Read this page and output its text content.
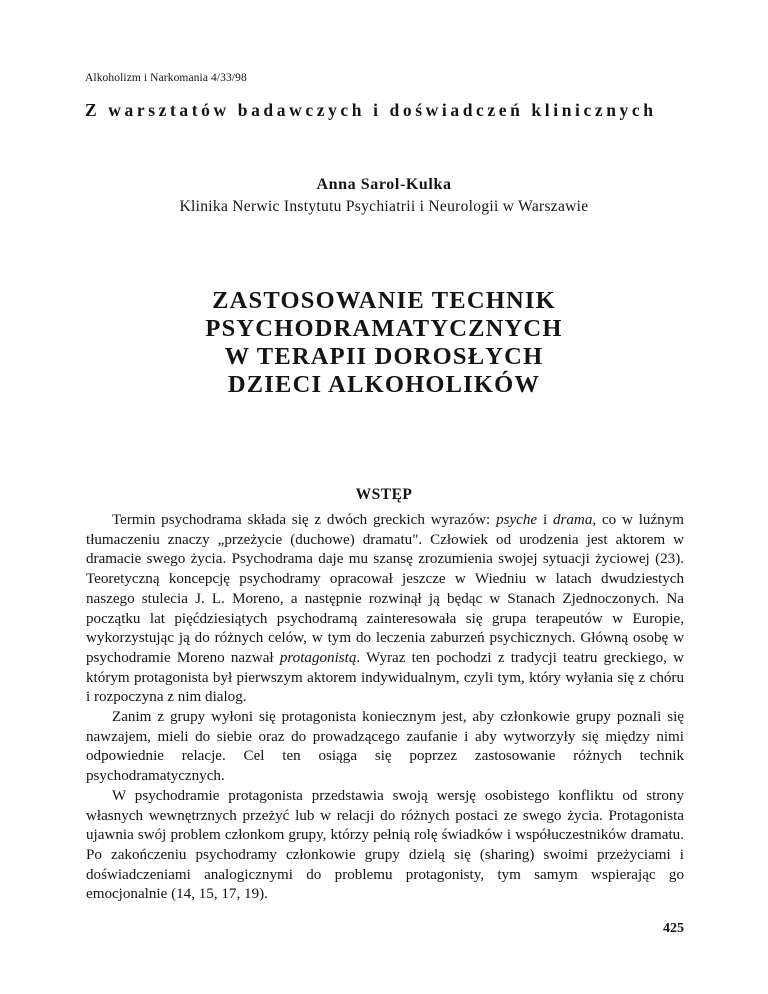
Alkoholizm i Narkomania 4/33/98
Z warsztatów badawczych i doświadczeń klinicznych
Anna Sarol-Kulka
Klinika Nerwic Instytutu Psychiatrii i Neurologii w Warszawie
ZASTOSOWANIE TECHNIK
PSYCHODRAMATYCZNYCH
W TERAPII DOROSŁYCH
DZIECI ALKOHOLIKÓW
WSTĘP

Termin psychodrama składa się z dwóch greckich wyrazów: psyche i drama, co w luźnym tłumaczeniu znaczy „przeżycie (duchowe) dramatu". Człowiek od urodzenia jest aktorem w dramacie swego życia. Psychodrama daje mu szansę zrozumienia swojej sytuacji życiowej (23). Teoretyczną koncepcję psychodramy opracował jeszcze w Wiedniu w latach dwudziestych naszego stulecia J. L. Moreno, a następnie rozwinął ją będąc w Stanach Zjednoczonych. Na początku lat pięćdziesiątych psychodramą zainteresowała się grupa terapeutów w Europie, wykorzystując ją do różnych celów, w tym do leczenia zaburzeń psychicznych. Główną osobę w psychodramie Moreno nazwał protagonistą. Wyraz ten pochodzi z tradycji teatru greckiego, w którym protagonista był pierwszym aktorem indywidualnym, czyli tym, który wyłania się z chóru i rozpoczyna z nim dialog.

Zanim z grupy wyłoni się protagonista koniecznym jest, aby członkowie grupy poznali się nawzajem, mieli do siebie oraz do prowadzącego zaufanie i aby wytworzyły się między nimi odpowiednie relacje. Cel ten osiąga się poprzez zastosowanie różnych technik psychodramatycznych.

W psychodramie protagonista przedstawia swoją wersję osobistego konfliktu od strony własnych wewnętrznych przeżyć lub w relacji do różnych postaci ze swego życia. Protagonista ujawnia swój problem członkom grupy, którzy pełnią rolę świadków i współuczestników dramatu. Po zakończeniu psychodramy członkowie grupy dzielą się (sharing) swoimi przeżyciami i doświadczeniami analogicznymi do problemu protagonisty, tym samym wspierając go emocjonalnie (14, 15, 17, 19).

425
